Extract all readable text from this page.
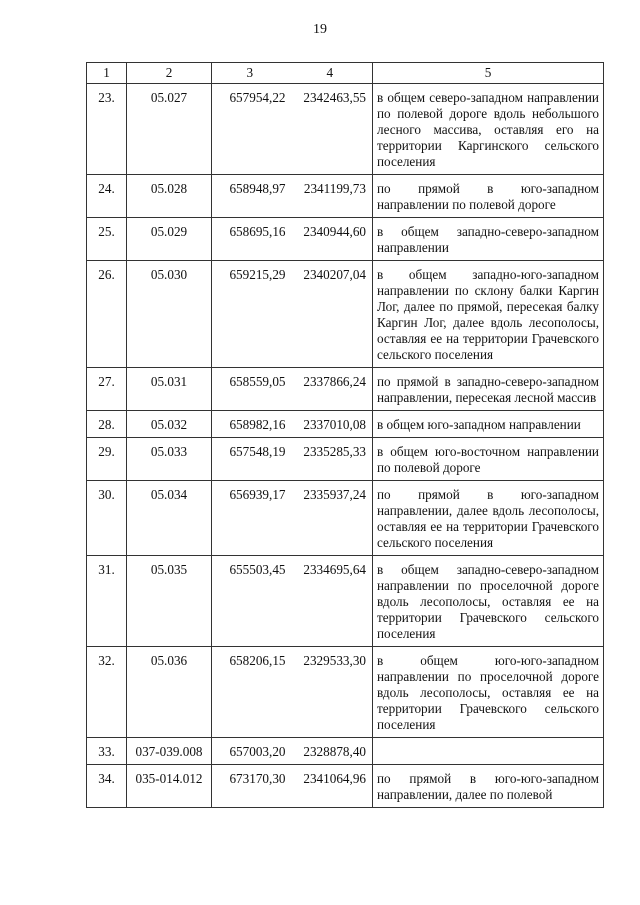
19
1	2	3	4	5
23.	05.027	657954,22	2342463,55	в общем северо-западном направлении по полевой дороге вдоль небольшого лесного массива, оставляя его на территории Каргинского сельского поселения
24.	05.028	658948,97	2341199,73	по прямой в юго-западном направлении по полевой дороге
25.	05.029	658695,16	2340944,60	в общем западно-северо-западном направлении
26.	05.030	659215,29	2340207,04	в общем западно-юго-западном направлении по склону балки Каргин Лог, далее по прямой, пересекая балку Каргин Лог, далее вдоль лесополосы, оставляя ее на территории Грачевского сельского поселения
27.	05.031	658559,05	2337866,24	по прямой в западно-северо-западном направлении, пересекая лесной массив
28.	05.032	658982,16	2337010,08	в общем юго-западном направлении
29.	05.033	657548,19	2335285,33	в общем юго-восточном направлении по полевой дороге
30.	05.034	656939,17	2335937,24	по прямой в юго-западном направлении, далее вдоль лесополосы, оставляя ее на территории Грачевского сельского поселения
31.	05.035	655503,45	2334695,64	в общем западно-северо-западном направлении по проселочной дороге вдоль лесополосы, оставляя ее на территории Грачевского сельского поселения
32.	05.036	658206,15	2329533,30	в общем юго-юго-западном направлении по проселочной дороге вдоль лесополосы, оставляя ее на территории Грачевского сельского поселения
33.	037-039.008	657003,20	2328878,40	
34.	035-014.012	673170,30	2341064,96	по прямой в юго-юго-западном направлении, далее по полевой
